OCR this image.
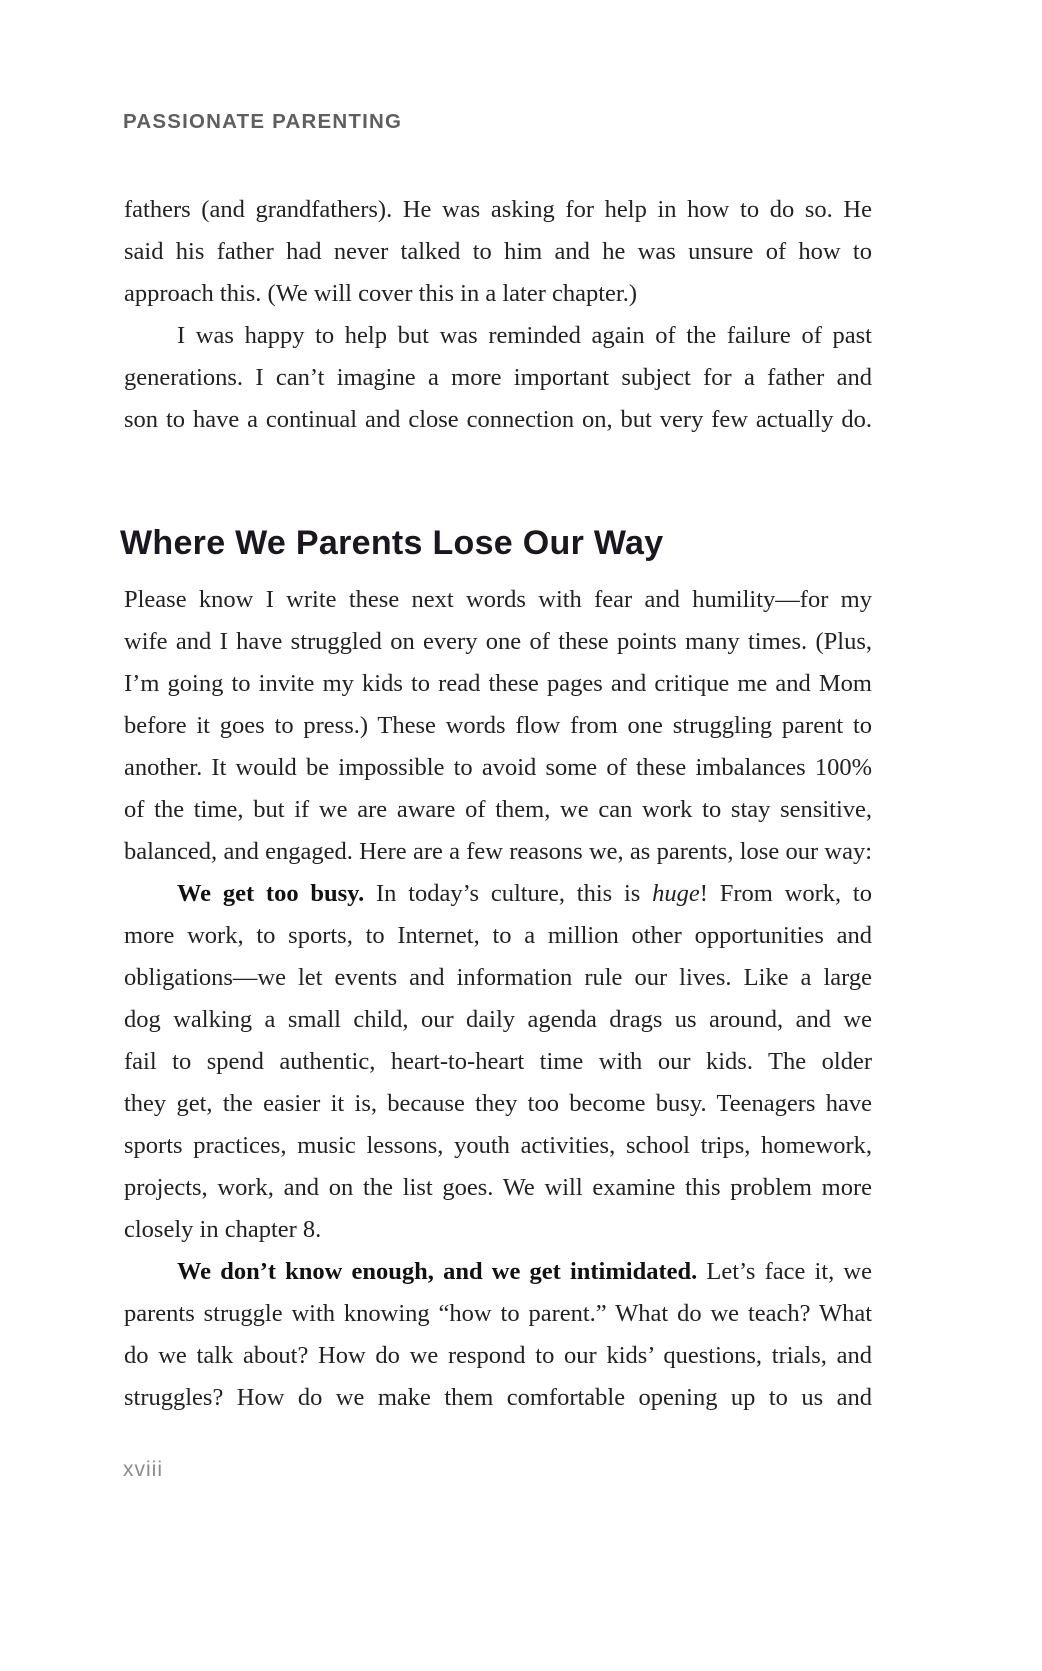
PASSIONATE PARENTING
fathers (and grandfathers). He was asking for help in how to do so. He
said his father had never talked to him and he was unsure of how to
approach this. (We will cover this in a later chapter.)
I was happy to help but was reminded again of the failure of past
generations. I can’t imagine a more important subject for a father and
son to have a continual and close connection on, but very few actually do.
Where We Parents Lose Our Way
Please know I write these next words with fear and humility—for my
wife and I have struggled on every one of these points many times. (Plus,
I’m going to invite my kids to read these pages and critique me and Mom
before it goes to press.) These words flow from one struggling parent to
another. It would be impossible to avoid some of these imbalances 100%
of the time, but if we are aware of them, we can work to stay sensitive,
balanced, and engaged. Here are a few reasons we, as parents, lose our way:
We get too busy. In today’s culture, this is huge! From work, to
more work, to sports, to Internet, to a million other opportunities and
obligations—we let events and information rule our lives. Like a large
dog walking a small child, our daily agenda drags us around, and we
fail to spend authentic, heart-to-heart time with our kids. The older
they get, the easier it is, because they too become busy. Teenagers have
sports practices, music lessons, youth activities, school trips, homework,
projects, work, and on the list goes. We will examine this problem more
closely in chapter 8.
We don’t know enough, and we get intimidated. Let’s face it, we
parents struggle with knowing “how to parent.” What do we teach? What
do we talk about? How do we respond to our kids’ questions, trials, and
struggles? How do we make them comfortable opening up to us and
xviii
